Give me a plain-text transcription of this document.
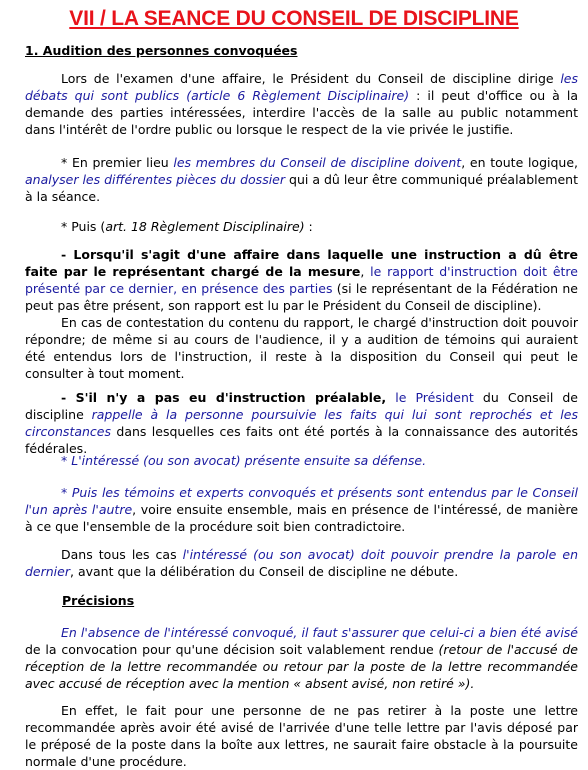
VII / LA SEANCE DU CONSEIL DE DISCIPLINE
1. Audition des personnes convoquées
Lors de l'examen d'une affaire, le Président du Conseil de discipline dirige les débats qui sont publics (article 6 Règlement Disciplinaire) : il peut d'office ou à la demande des parties intéressées, interdire l'accès de la salle au public notamment dans l'intérêt de l'ordre public ou lorsque le respect de la vie privée le justifie.
* En premier lieu les membres du Conseil de discipline doivent, en toute logique, analyser les différentes pièces du dossier qui a dû leur être communiqué préalablement à la séance.
* Puis (art. 18 Règlement Disciplinaire) :
- Lorsqu'il s'agit d'une affaire dans laquelle une instruction a dû être faite par le représentant chargé de la mesure, le rapport d'instruction doit être présenté par ce dernier, en présence des parties (si le représentant de la Fédération ne peut pas être présent, son rapport est lu par le Président du Conseil de discipline).
En cas de contestation du contenu du rapport, le chargé d'instruction doit pouvoir répondre; de même si au cours de l'audience, il y a audition de témoins qui auraient été entendus lors de l'instruction, il reste à la disposition du Conseil qui peut le consulter à tout moment.
- S'il n'y a pas eu d'instruction préalable, le Président du Conseil de discipline rappelle à la personne poursuivie les faits qui lui sont reprochés et les circonstances dans lesquelles ces faits ont été portés à la connaissance des autorités fédérales.
* L'intéressé (ou son avocat) présente ensuite sa défense.
* Puis les témoins et experts convoqués et présents sont entendus par le Conseil l'un après l'autre, voire ensuite ensemble, mais en présence de l'intéressé, de manière à ce que l'ensemble de la procédure soit bien contradictoire.
Dans tous les cas l'intéressé (ou son avocat) doit pouvoir prendre la parole en dernier, avant que la délibération du Conseil de discipline ne débute.
Précisions
En l'absence de l'intéressé convoqué, il faut s'assurer que celui-ci a bien été avisé de la convocation pour qu'une décision soit valablement rendue (retour de l'accusé de réception de la lettre recommandée ou retour par la poste de la lettre recommandée avec accusé de réception avec la mention « absent avisé, non retiré »).
En effet, le fait pour une personne de ne pas retirer à la poste une lettre recommandée après avoir été avisé de l'arrivée d'une telle lettre par l'avis déposé par le préposé de la poste dans la boîte aux lettres, ne saurait faire obstacle à la poursuite normale d'une procédure.
